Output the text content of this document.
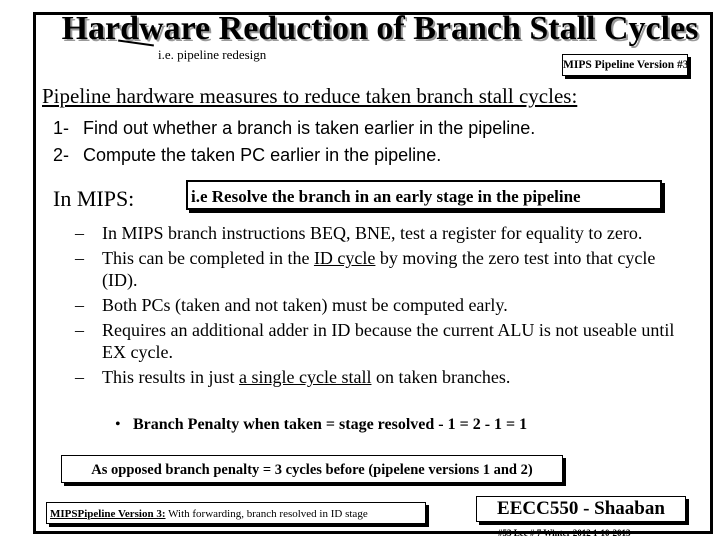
Hardware Reduction of Branch Stall Cycles
i.e. pipeline redesign
MIPS Pipeline Version #3
Pipeline hardware measures to reduce taken branch stall cycles:
1- Find out whether a branch is taken earlier in the pipeline.
2- Compute the taken PC earlier in the pipeline.
In MIPS:	i.e Resolve the branch in an early stage in the pipeline
– In MIPS branch instructions BEQ, BNE, test a register for equality to zero.
– This can be completed in the ID cycle by moving the zero test into that cycle (ID).
– Both PCs (taken and not taken) must be computed early.
– Requires an additional adder in ID because the current ALU is not useable until EX cycle.
– This results in just a single cycle stall on taken branches.
• Branch Penalty when taken = stage resolved - 1 = 2 - 1 = 1
As opposed branch penalty = 3 cycles before (pipelene versions 1 and 2)
MIPSPipeline Version 3: With forwarding, branch resolved in ID stage	EECC550 - Shaaban
#53 Lec # 7 Winter 2012 1-10-2013
